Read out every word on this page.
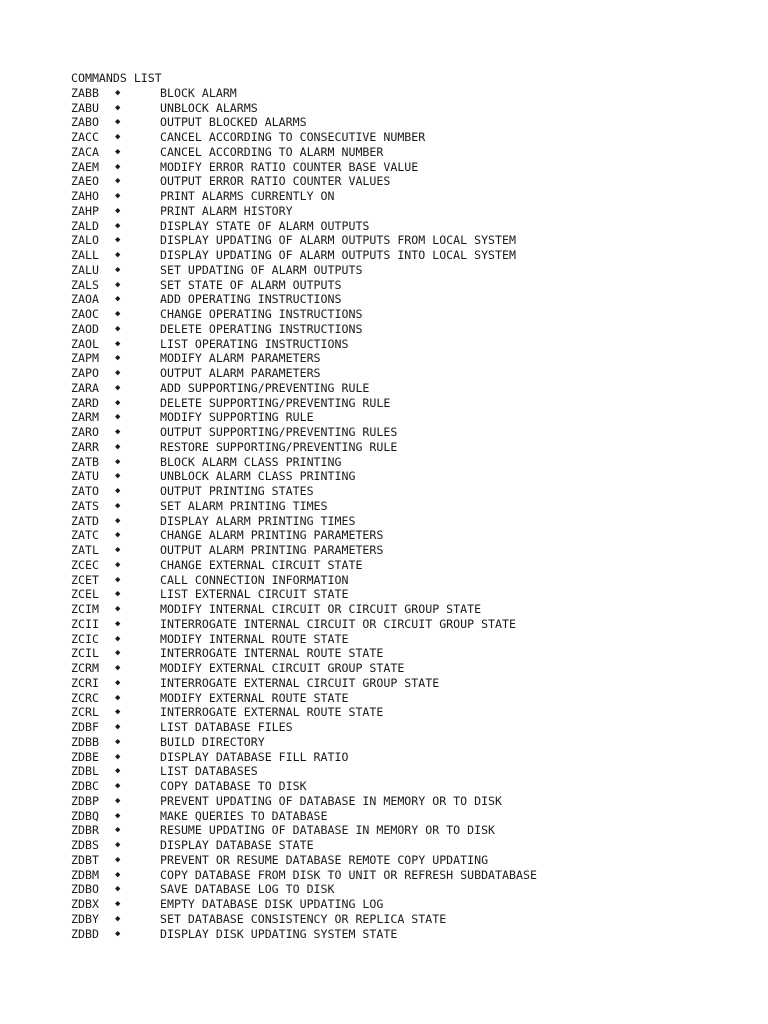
COMMANDS LIST
ZABB ◆	BLOCK ALARM
ZABU ◆	UNBLOCK ALARMS
ZABO ◆	OUTPUT BLOCKED ALARMS
ZACC ◆	CANCEL ACCORDING TO CONSECUTIVE NUMBER
ZACA ◆	CANCEL ACCORDING TO ALARM NUMBER
ZAEM ◆	MODIFY ERROR RATIO COUNTER BASE VALUE
ZAEO ◆	OUTPUT ERROR RATIO COUNTER VALUES
ZAHO ◆	PRINT ALARMS CURRENTLY ON
ZAHP ◆	PRINT ALARM HISTORY
ZALD ◆	DISPLAY STATE OF ALARM OUTPUTS
ZALO ◆	DISPLAY UPDATING OF ALARM OUTPUTS FROM LOCAL SYSTEM
ZALL ◆	DISPLAY UPDATING OF ALARM OUTPUTS INTO LOCAL SYSTEM
ZALU ◆	SET UPDATING OF ALARM OUTPUTS
ZALS ◆	SET STATE OF ALARM OUTPUTS
ZAOA ◆	ADD OPERATING INSTRUCTIONS
ZAOC ◆	CHANGE OPERATING INSTRUCTIONS
ZAOD ◆	DELETE OPERATING INSTRUCTIONS
ZAOL ◆	LIST OPERATING INSTRUCTIONS
ZAPM ◆	MODIFY ALARM PARAMETERS
ZAPO ◆	OUTPUT ALARM PARAMETERS
ZARA ◆	ADD SUPPORTING/PREVENTING RULE
ZARD ◆	DELETE SUPPORTING/PREVENTING RULE
ZARM ◆	MODIFY SUPPORTING RULE
ZARO ◆	OUTPUT SUPPORTING/PREVENTING RULES
ZARR ◆	RESTORE SUPPORTING/PREVENTING RULE
ZATB ◆	BLOCK ALARM CLASS PRINTING
ZATU ◆	UNBLOCK ALARM CLASS PRINTING
ZATO ◆	OUTPUT PRINTING STATES
ZATS ◆	SET ALARM PRINTING TIMES
ZATD ◆	DISPLAY ALARM PRINTING TIMES
ZATC ◆	CHANGE ALARM PRINTING PARAMETERS
ZATL ◆	OUTPUT ALARM PRINTING PARAMETERS
ZCEC ◆	CHANGE EXTERNAL CIRCUIT STATE
ZCET ◆	CALL CONNECTION INFORMATION
ZCEL ◆	LIST EXTERNAL CIRCUIT STATE
ZCIM ◆	MODIFY INTERNAL CIRCUIT OR CIRCUIT GROUP STATE
ZCII ◆	INTERROGATE INTERNAL CIRCUIT OR CIRCUIT GROUP STATE
ZCIC ◆	MODIFY INTERNAL ROUTE STATE
ZCIL ◆	INTERROGATE INTERNAL ROUTE STATE
ZCRM ◆	MODIFY EXTERNAL CIRCUIT GROUP STATE
ZCRI ◆	INTERROGATE EXTERNAL CIRCUIT GROUP STATE
ZCRC ◆	MODIFY EXTERNAL ROUTE STATE
ZCRL ◆	INTERROGATE EXTERNAL ROUTE STATE
ZDBF ◆	LIST DATABASE FILES
ZDBB ◆	BUILD DIRECTORY
ZDBE ◆	DISPLAY DATABASE FILL RATIO
ZDBL ◆	LIST DATABASES
ZDBC ◆	COPY DATABASE TO DISK
ZDBP ◆	PREVENT UPDATING OF DATABASE IN MEMORY OR TO DISK
ZDBQ ◆	MAKE QUERIES TO DATABASE
ZDBR ◆	RESUME UPDATING OF DATABASE IN MEMORY OR TO DISK
ZDBS ◆	DISPLAY DATABASE STATE
ZDBT ◆	PREVENT OR RESUME DATABASE REMOTE COPY UPDATING
ZDBM ◆	COPY DATABASE FROM DISK TO UNIT OR REFRESH SUBDATABASE
ZDBO ◆	SAVE DATABASE LOG TO DISK
ZDBX ◆	EMPTY DATABASE DISK UPDATING LOG
ZDBY ◆	SET DATABASE CONSISTENCY OR REPLICA STATE
ZDBD ◆	DISPLAY DISK UPDATING SYSTEM STATE
